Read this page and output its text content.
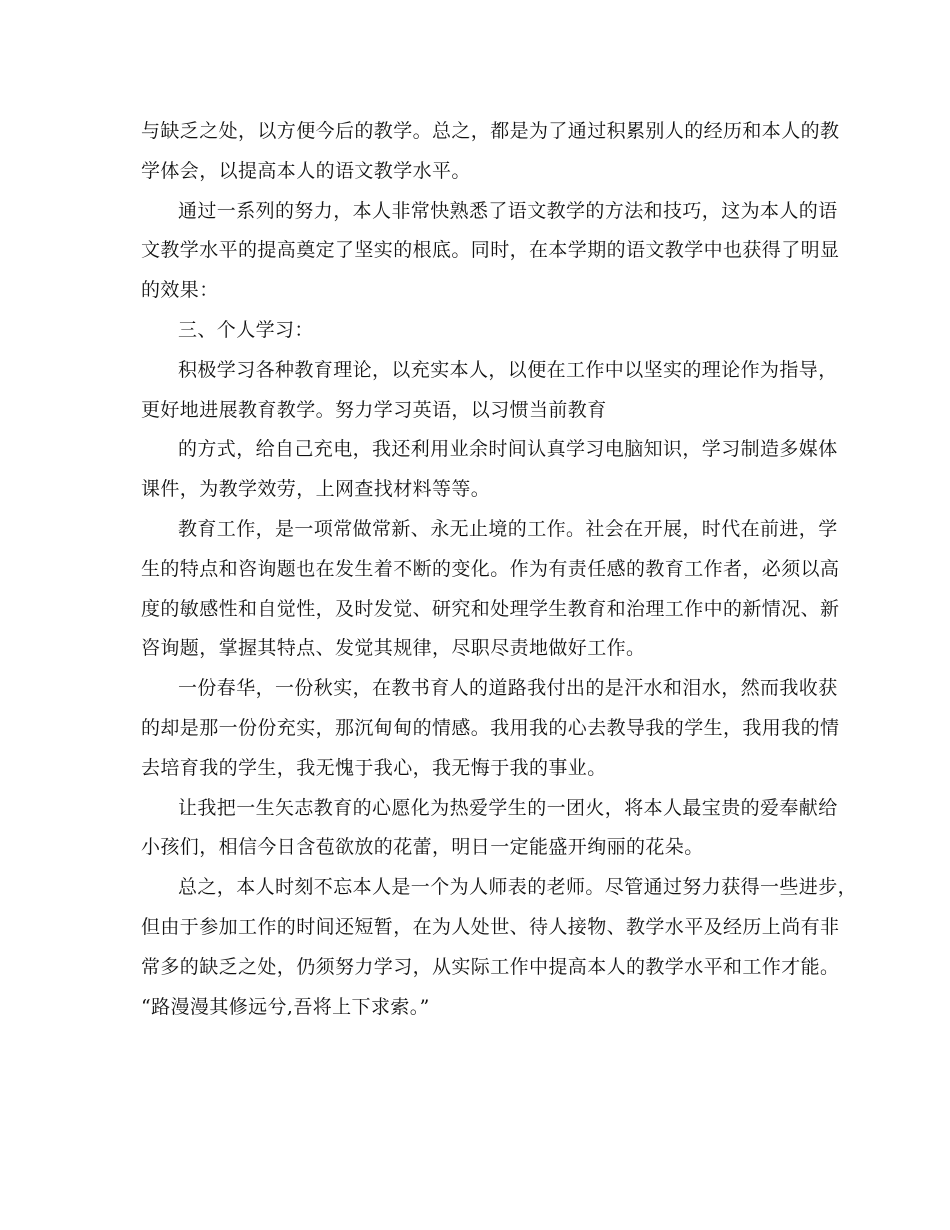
与缺乏之处，以方便今后的教学。总之，都是为了通过积累别人的经历和本人的教
学体会，以提高本人的语文教学水平。
通过一系列的努力，本人非常快熟悉了语文教学的方法和技巧，这为本人的语
文教学水平的提高奠定了坚实的根底。同时，在本学期的语文教学中也获得了明显
的效果：
三、个人学习：
积极学习各种教育理论，以充实本人，以便在工作中以坚实的理论作为指导，
更好地进展教育教学。努力学习英语，以习惯当前教育
的方式，给自己充电，我还利用业余时间认真学习电脑知识，学习制造多媒体
课件，为教学效劳，上网查找材料等等。
教育工作，是一项常做常新、永无止境的工作。社会在开展，时代在前进，学
生的特点和咨询题也在发生着不断的变化。作为有责任感的教育工作者，必须以高
度的敏感性和自觉性，及时发觉、研究和处理学生教育和治理工作中的新情况、新
咨询题，掌握其特点、发觉其规律，尽职尽责地做好工作。
一份春华，一份秋实，在教书育人的道路我付出的是汗水和泪水，然而我收获
的却是那一份份充实，那沉甸甸的情感。我用我的心去教导我的学生，我用我的情
去培育我的学生，我无愧于我心，我无悔于我的事业。
让我把一生矢志教育的心愿化为热爱学生的一团火，将本人最宝贵的爱奉献给
小孩们，相信今日含苞欲放的花蕾，明日一定能盛开绚丽的花朵。
总之，本人时刻不忘本人是一个为人师表的老师。尽管通过努力获得一些进步，
但由于参加工作的时间还短暂，在为人处世、待人接物、教学水平及经历上尚有非
常多的缺乏之处，仍须努力学习，从实际工作中提高本人的教学水平和工作才能。
“路漫漫其修远兮,吾将上下求索。”
